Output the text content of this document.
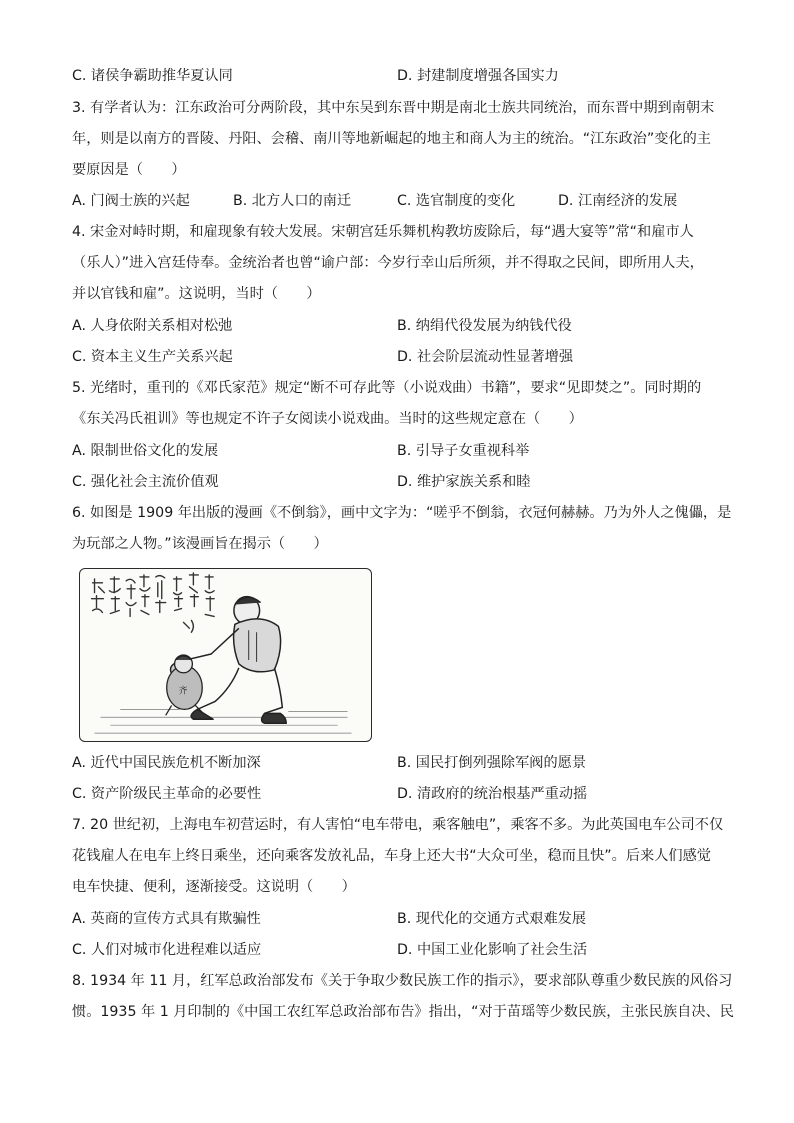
C. 诸侯争霸助推华夏认同	D. 封建制度增强各国实力
3. 有学者认为：江东政治可分两阶段，其中东吴到东晋中期是南北士族共同统治，而东晋中期到南朝末
年，则是以南方的晋陵、丹阳、会稽、南川等地新崛起的地主和商人为主的统治。“江东政治”变化的主
要原因是（　　）
A. 门阀士族的兴起	B. 北方人口的南迁	C. 选官制度的变化	D. 江南经济的发展
4. 宋金对峙时期，和雇现象有较大发展。宋朝宫廷乐舞机构教坊废除后，每“遇大宴等”常“和雇市人
（乐人）”进入宫廷侍奉。金统治者也曾“谕户部：今岁行幸山后所须，并不得取之民间，即所用人夫，
并以官钱和雇”。这说明，当时（　　）
A. 人身依附关系相对松弛	B. 纳绢代役发展为纳钱代役
C. 资本主义生产关系兴起	D. 社会阶层流动性显著增强
5. 光绪时，重刊的《邓氏家范》规定“断不可存此等（小说戏曲）书籍”，要求“见即焚之”。同时期的
《东关冯氏祖训》等也规定不许子女阅读小说戏曲。当时的这些规定意在（　　）
A. 限制世俗文化的发展	B. 引导子女重视科举
C. 强化社会主流价值观	D. 维护家族关系和睦
6. 如图是 1909 年出版的漫画《不倒翁》，画中文字为：“嗟乎不倒翁，衣冠何赫赫。乃为外人之傀儡，是
为玩部之人物。”该漫画旨在揭示（　　）
齐
A. 近代中国民族危机不断加深	B. 国民打倒列强除军阀的愿景
C. 资产阶级民主革命的必要性	D. 清政府的统治根基严重动摇
7. 20 世纪初，上海电车初营运时，有人害怕“电车带电，乘客触电”，乘客不多。为此英国电车公司不仅
花钱雇人在电车上终日乘坐，还向乘客发放礼品，车身上还大书“大众可坐，稳而且快”。后来人们感觉
电车快捷、便利，逐渐接受。这说明（　　）
A. 英商的宣传方式具有欺骗性	B. 现代化的交通方式艰难发展
C. 人们对城市化进程难以适应	D. 中国工业化影响了社会生活
8. 1934 年 11 月，红军总政治部发布《关于争取少数民族工作的指示》，要求部队尊重少数民族的风俗习
惯。1935 年 1 月印制的《中国工农红军总政治部布告》指出，“对于苗瑶等少数民族，主张民族自决、民
